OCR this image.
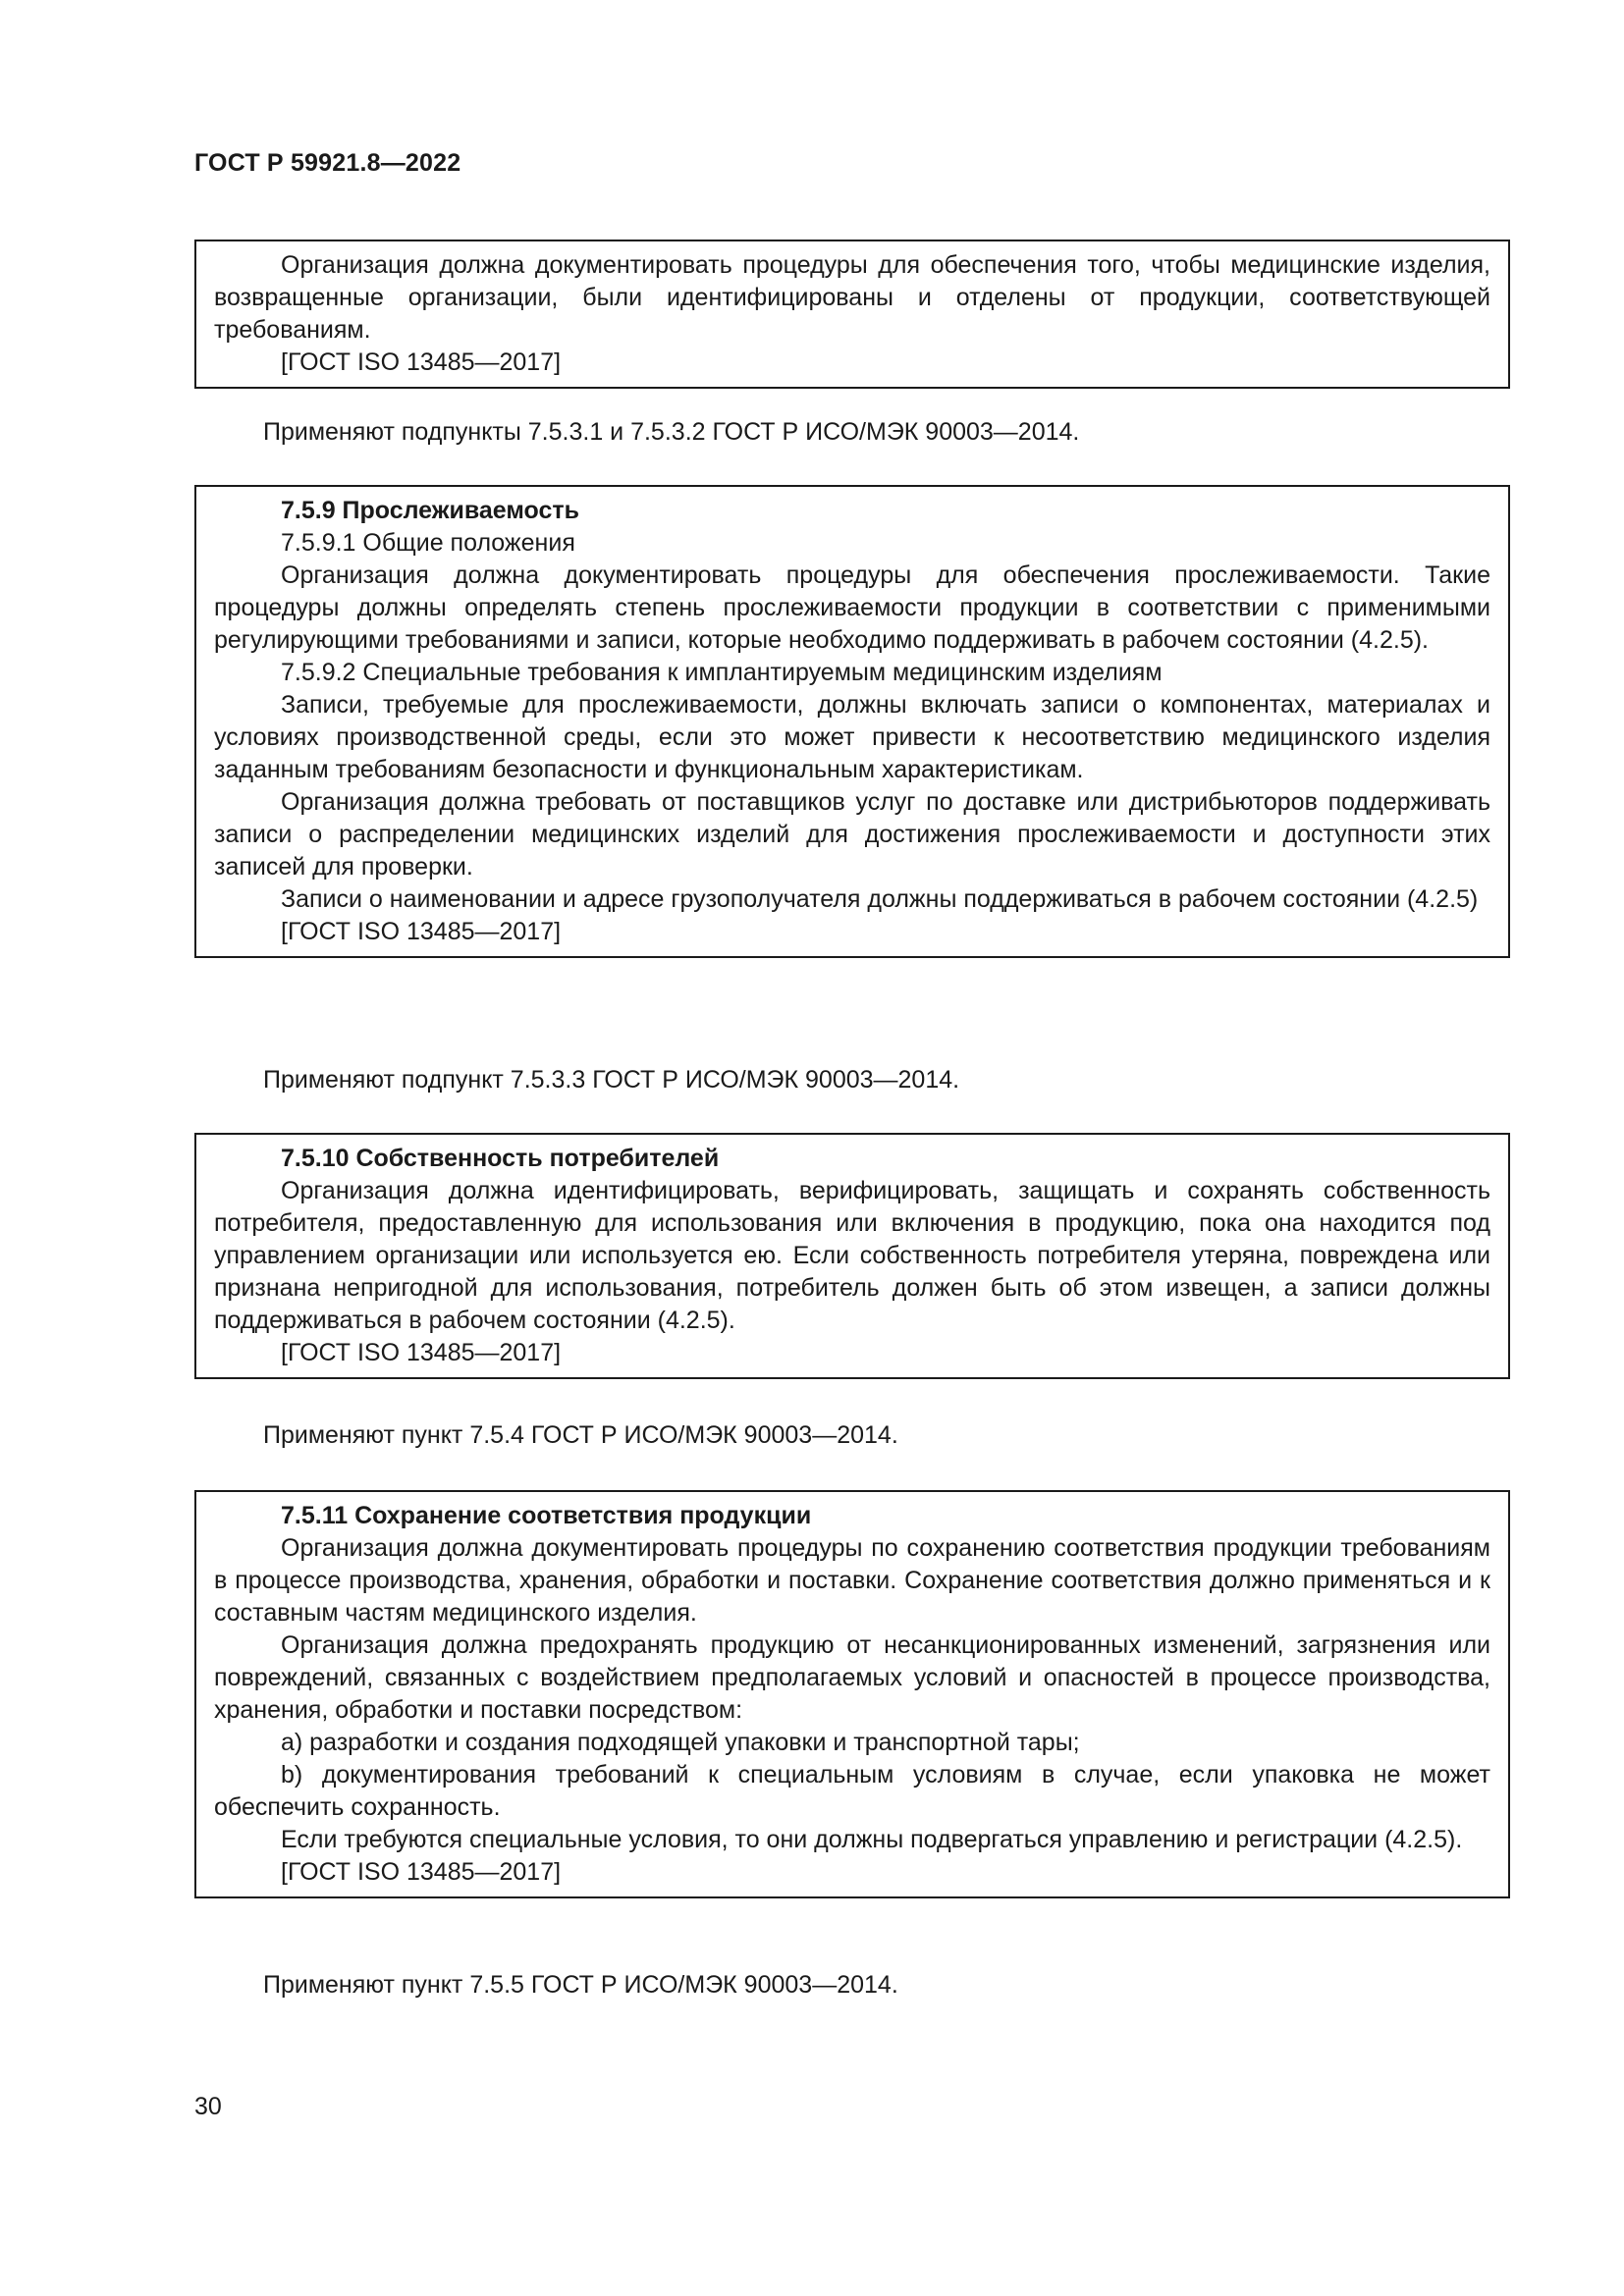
ГОСТ Р 59921.8—2022

Организация должна документировать процедуры для обеспечения того, чтобы медицинские изделия, возвращенные организации, были идентифицированы и отделены от продукции, соответствующей требованиям.

[ГОСТ ISO 13485—2017]

Применяют подпункты 7.5.3.1 и 7.5.3.2 ГОСТ Р ИСО/МЭК 90003—2014.

7.5.9 Прослеживаемость

7.5.9.1 Общие положения

Организация должна документировать процедуры для обеспечения прослеживаемости. Такие процедуры должны определять степень прослеживаемости продукции в соответствии с применимыми регулирующими требованиями и записи, которые необходимо поддерживать в рабочем состоянии (4.2.5).

7.5.9.2 Специальные требования к имплантируемым медицинским изделиям

Записи, требуемые для прослеживаемости, должны включать записи о компонентах, материалах и условиях производственной среды, если это может привести к несоответствию медицинского изделия заданным требованиям безопасности и функциональным характеристикам.

Организация должна требовать от поставщиков услуг по доставке или дистрибьюторов поддерживать записи о распределении медицинских изделий для достижения прослеживаемости и доступности этих записей для проверки.

Записи о наименовании и адресе грузополучателя должны поддерживаться в рабочем состоянии (4.2.5)

[ГОСТ ISO 13485—2017]

Применяют подпункт 7.5.3.3 ГОСТ Р ИСО/МЭК 90003—2014.

7.5.10 Собственность потребителей

Организация должна идентифицировать, верифицировать, защищать и сохранять собственность потребителя, предоставленную для использования или включения в продукцию, пока она находится под управлением организации или используется ею. Если собственность потребителя утеряна, повреждена или признана непригодной для использования, потребитель должен быть об этом извещен, а записи должны поддерживаться в рабочем состоянии (4.2.5).

[ГОСТ ISO 13485—2017]

Применяют пункт 7.5.4 ГОСТ Р ИСО/МЭК 90003—2014.

7.5.11 Сохранение соответствия продукции

Организация должна документировать процедуры по сохранению соответствия продукции требованиям в процессе производства, хранения, обработки и поставки. Сохранение соответствия должно применяться и к составным частям медицинского изделия.

Организация должна предохранять продукцию от несанкционированных изменений, загрязнения или повреждений, связанных с воздействием предполагаемых условий и опасностей в процессе производства, хранения, обработки и поставки посредством:

a) разработки и создания подходящей упаковки и транспортной тары;

b) документирования требований к специальным условиям в случае, если упаковка не может обеспечить сохранность.

Если требуются специальные условия, то они должны подвергаться управлению и регистрации (4.2.5).

[ГОСТ ISO 13485—2017]

Применяют пункт 7.5.5 ГОСТ Р ИСО/МЭК 90003—2014.
30
